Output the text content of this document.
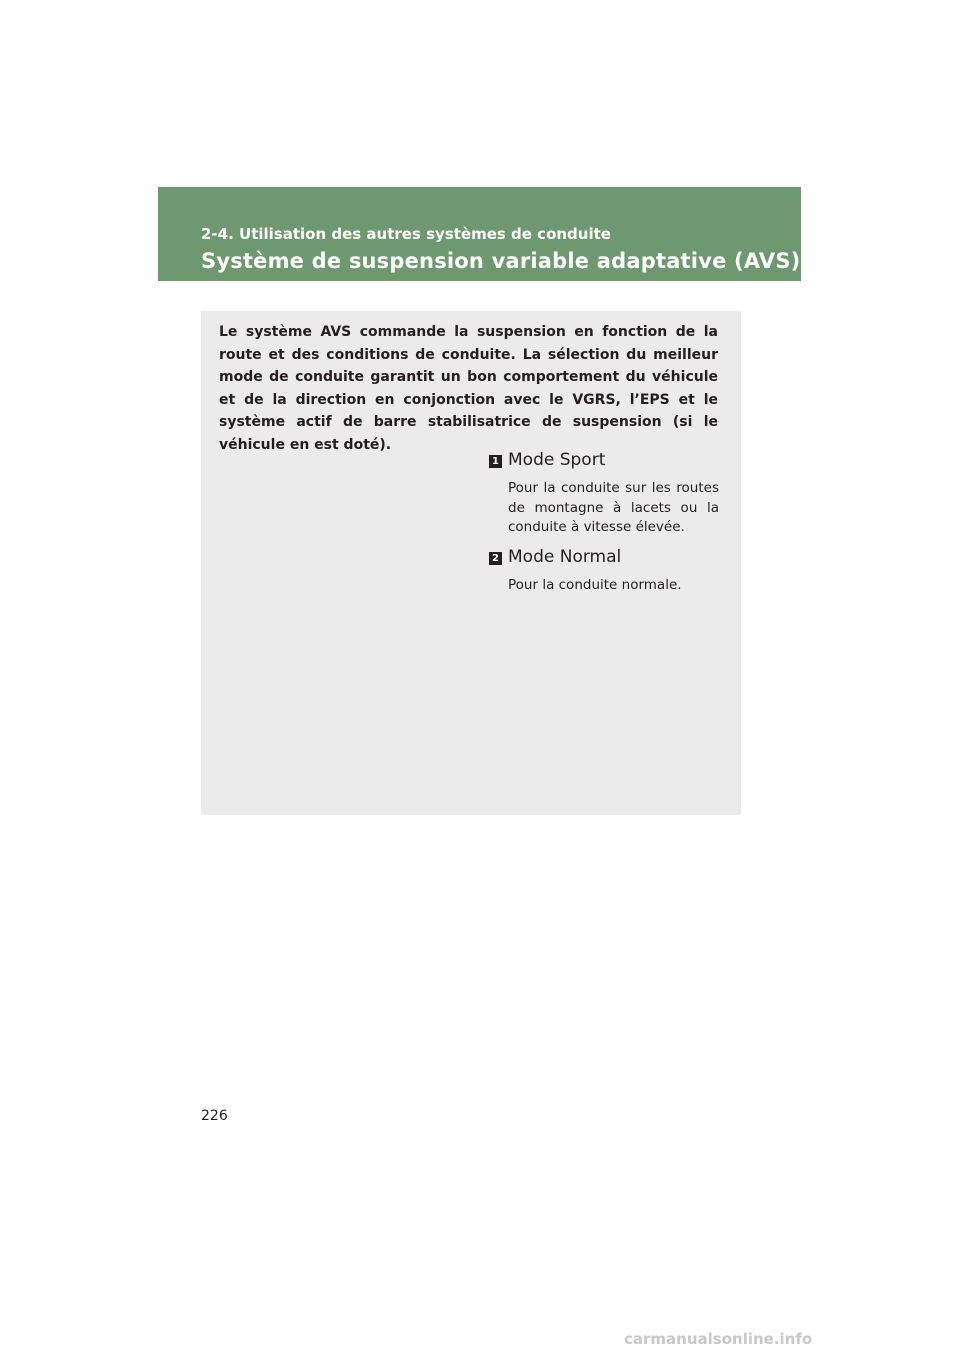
2-4. Utilisation des autres systèmes de conduite
Système de suspension variable adaptative (AVS)

Le système AVS commande la suspension en fonction de la route et des conditions de conduite. La sélection du meilleur mode de conduite garantit un bon comportement du véhicule et de la direction en conjonction avec le VGRS, l’EPS et le système actif de barre stabilisatrice de suspension (si le véhicule en est doté).

1 Mode Sport
Pour la conduite sur les routes de montagne à lacets ou la conduite à vitesse élevée.
2 Mode Normal
Pour la conduite normale.
226
carmanualsonline.info
